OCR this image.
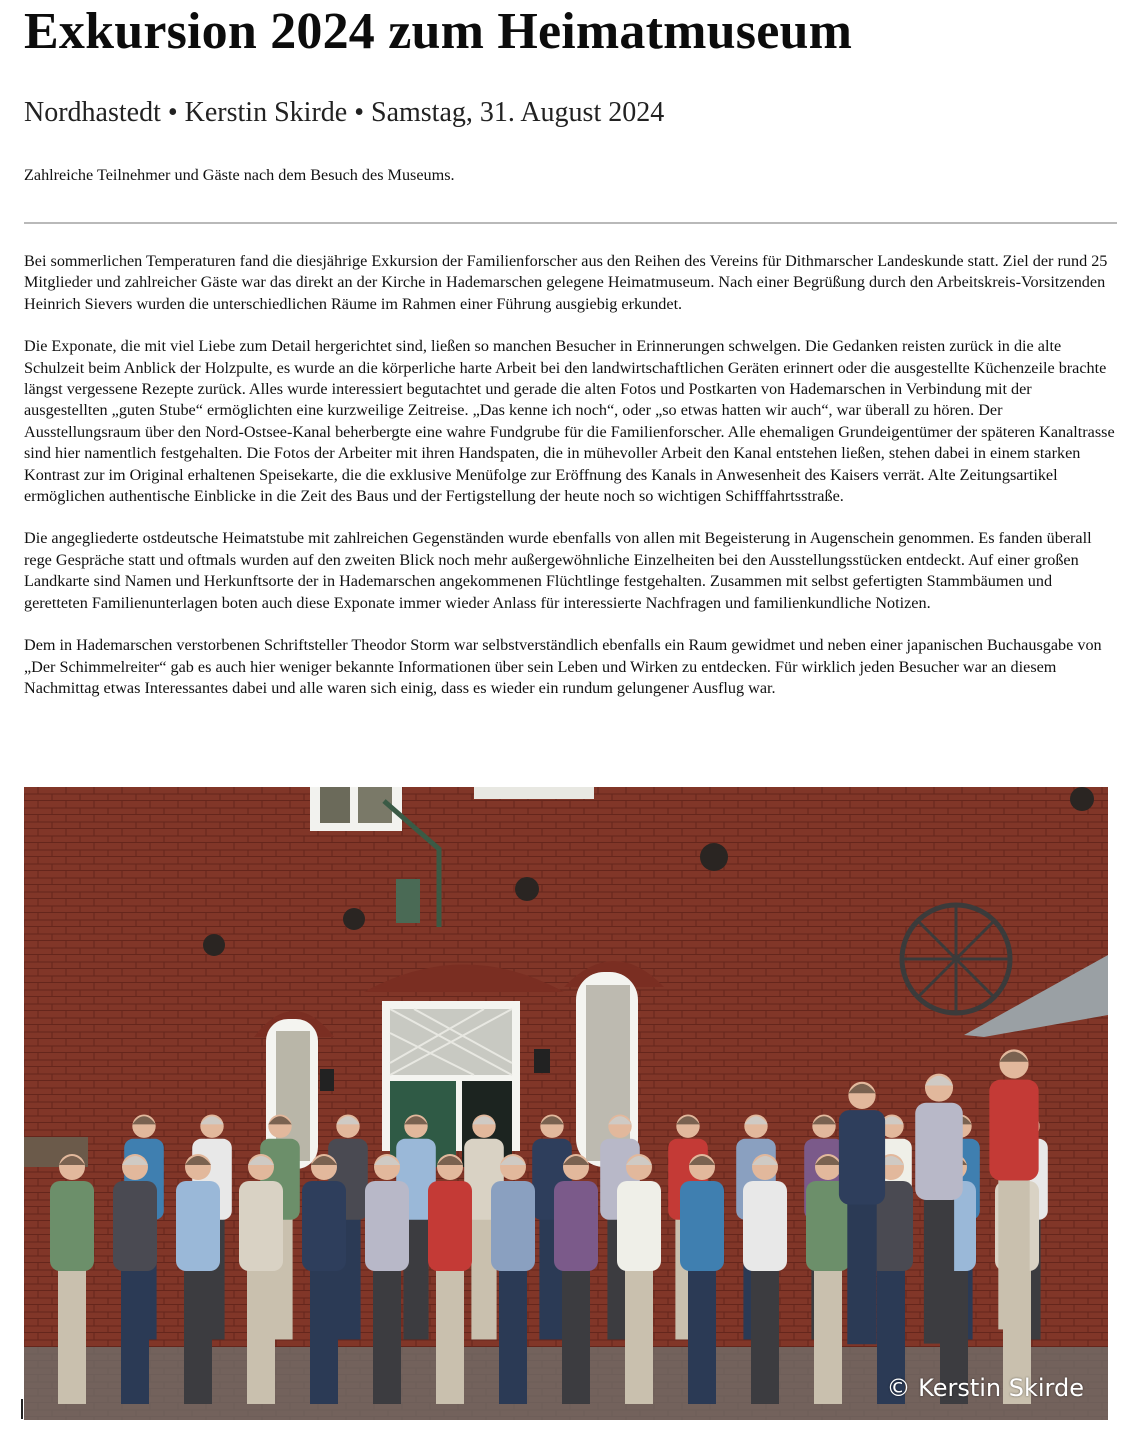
Exkursion 2024 zum Heimatmuseum
Nordhastedt • Kerstin Skirde • Samstag, 31. August 2024

Zahlreiche Teilnehmer und Gäste nach dem Besuch des Museums.

Bei sommerlichen Temperaturen fand die diesjährige Exkursion der Familienforscher aus den Reihen des Vereins für Dithmarscher Landeskunde statt. Ziel der rund 25 Mitglieder und zahlreicher Gäste war das direkt an der Kirche in Hademarschen gelegene Heimatmuseum. Nach einer Begrüßung durch den Arbeitskreis-Vorsitzenden Heinrich Sievers wurden die unterschiedlichen Räume im Rahmen einer Führung ausgiebig erkundet.

Die Exponate, die mit viel Liebe zum Detail hergerichtet sind, ließen so manchen Besucher in Erinnerungen schwelgen. Die Gedanken reisten zurück in die alte Schulzeit beim Anblick der Holzpulte, es wurde an die körperliche harte Arbeit bei den landwirtschaftlichen Geräten erinnert oder die ausgestellte Küchenzeile brachte längst vergessene Rezepte zurück. Alles wurde interessiert begutachtet und gerade die alten Fotos und Postkarten von Hademarschen in Verbindung mit der ausgestellten „guten Stube“ ermöglichten eine kurzweilige Zeitreise. „Das kenne ich noch“, oder „so etwas hatten wir auch“, war überall zu hören. Der Ausstellungsraum über den Nord-Ostsee-Kanal beherbergte eine wahre Fundgrube für die Familienforscher. Alle ehemaligen Grundeigentümer der späteren Kanaltrasse sind hier namentlich festgehalten. Die Fotos der Arbeiter mit ihren Handspaten, die in mühevoller Arbeit den Kanal entstehen ließen, stehen dabei in einem starken Kontrast zur im Original erhaltenen Speisekarte, die die exklusive Menüfolge zur Eröffnung des Kanals in Anwesenheit des Kaisers verrät. Alte Zeitungsartikel ermöglichen authentische Einblicke in die Zeit des Baus und der Fertigstellung der heute noch so wichtigen Schifffahrtsstraße.

Die angegliederte ostdeutsche Heimatstube mit zahlreichen Gegenständen wurde ebenfalls von allen mit Begeisterung in Augenschein genommen. Es fanden überall rege Gespräche statt und oftmals wurden auf den zweiten Blick noch mehr außergewöhnliche Einzelheiten bei den Ausstellungsstücken entdeckt. Auf einer großen Landkarte sind Namen und Herkunftsorte der in Hademarschen angekommenen Flüchtlinge festgehalten. Zusammen mit selbst gefertigten Stammbäumen und geretteten Familienunterlagen boten auch diese Exponate immer wieder Anlass für interessierte Nachfragen und familienkundliche Notizen.

Dem in Hademarschen verstorbenen Schriftsteller Theodor Storm war selbstverständlich ebenfalls ein Raum gewidmet und neben einer japanischen Buchausgabe von „Der Schimmelreiter“ gab es auch hier weniger bekannte Informationen über sein Leben und Wirken zu entdecken. Für wirklich jeden Besucher war an diesem Nachmittag etwas Interessantes dabei und alle waren sich einig, dass es wieder ein rundum gelungener Ausflug war.

© Kerstin Skirde
